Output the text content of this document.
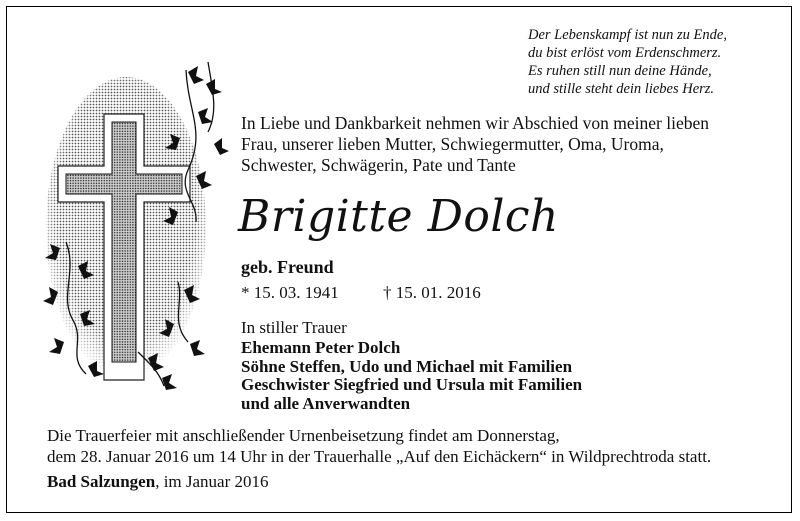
Der Lebenskampf ist nun zu Ende,
du bist erlöst vom Erdenschmerz.
Es ruhen still nun deine Hände,
und stille steht dein liebes Herz.
In Liebe und Dankbarkeit nehmen wir Abschied von meiner lieben
Frau, unserer lieben Mutter, Schwiegermutter, Oma, Uroma,
Schwester, Schwägerin, Pate und Tante
Brigitte Dolch
geb. Freund
* 15. 03. 1941	† 15. 01. 2016
In stiller Trauer
Ehemann Peter Dolch
Söhne Steffen, Udo und Michael mit Familien
Geschwister Siegfried und Ursula mit Familien
und alle Anverwandten
Die Trauerfeier mit anschließender Urnenbeisetzung findet am Donnerstag,
dem 28. Januar 2016 um 14 Uhr in der Trauerhalle „Auf den Eichäckern“ in Wildprechtroda statt.
Bad Salzungen, im Januar 2016
